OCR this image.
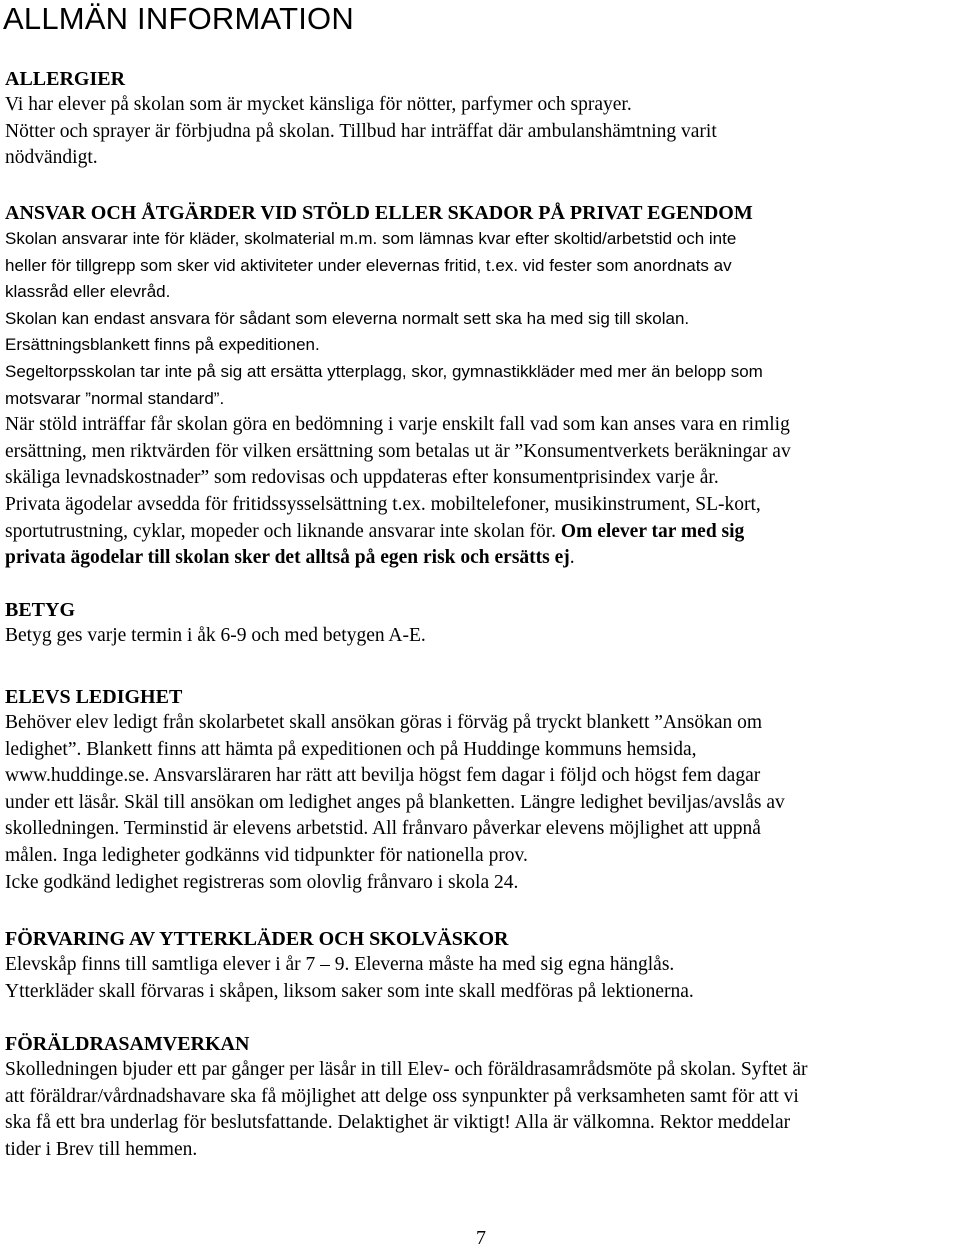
ALLMÄN INFORMATION
ALLERGIER

Vi har elever på skolan som är mycket känsliga för nötter, parfymer och sprayer.

Nötter och sprayer är förbjudna på skolan. Tillbud har inträffat där ambulanshämtning varit

nödvändigt.

ANSVAR OCH ÅTGÄRDER VID STÖLD ELLER SKADOR PÅ PRIVAT EGENDOM

Skolan ansvarar inte för kläder, skolmaterial m.m. som lämnas kvar efter skoltid/arbetstid och inte

heller för tillgrepp som sker vid aktiviteter under elevernas fritid, t.ex. vid fester som anordnats av

klassråd eller elevråd.

Skolan kan endast ansvara för sådant som eleverna normalt sett ska ha med sig till skolan.

Ersättningsblankett finns på expeditionen.

Segeltorpsskolan tar inte på sig att ersätta ytterplagg, skor, gymnastikkläder med mer än belopp som

motsvarar ”normal standard”.

När stöld inträffar får skolan göra en bedömning i varje enskilt fall vad som kan anses vara en rimlig

ersättning, men riktvärden för vilken ersättning som betalas ut är ”Konsumentverkets beräkningar av

skäliga levnadskostnader” som redovisas och uppdateras efter konsumentprisindex varje år.

Privata ägodelar avsedda för fritidssysselsättning t.ex. mobiltelefoner, musikinstrument, SL-kort,

sportutrustning, cyklar, mopeder och liknande ansvarar inte skolan för. Om elever tar med sig

privata ägodelar till skolan sker det alltså på egen risk och ersätts ej.

BETYG

Betyg ges varje termin i åk 6-9 och med betygen A-E.

ELEVS LEDIGHET

Behöver elev ledigt från skolarbetet skall ansökan göras i förväg på tryckt blankett ”Ansökan om

ledighet”. Blankett finns att hämta på expeditionen och på Huddinge kommuns hemsida,

www.huddinge.se. Ansvarsläraren har rätt att bevilja högst fem dagar i följd och högst fem dagar

under ett läsår. Skäl till ansökan om ledighet anges på blanketten. Längre ledighet beviljas/avslås av

skolledningen. Terminstid är elevens arbetstid. All frånvaro påverkar elevens möjlighet att uppnå

målen. Inga ledigheter godkänns vid tidpunkter för nationella prov.

Icke godkänd ledighet registreras som olovlig frånvaro i skola 24.

FÖRVARING AV YTTERKLÄDER OCH SKOLVÄSKOR

Elevskåp finns till samtliga elever i år 7 – 9. Eleverna måste ha med sig egna hänglås.

Ytterkläder skall förvaras i skåpen, liksom saker som inte skall medföras på lektionerna.

FÖRÄLDRASAMVERKAN

Skolledningen bjuder ett par gånger per läsår in till Elev- och föräldrasamrådsmöte på skolan. Syftet är

att föräldrar/vårdnadshavare ska få möjlighet att delge oss synpunkter på verksamheten samt för att vi

ska få ett bra underlag för beslutsfattande. Delaktighet är viktigt! Alla är välkomna. Rektor meddelar

tider i Brev till hemmen.

7
